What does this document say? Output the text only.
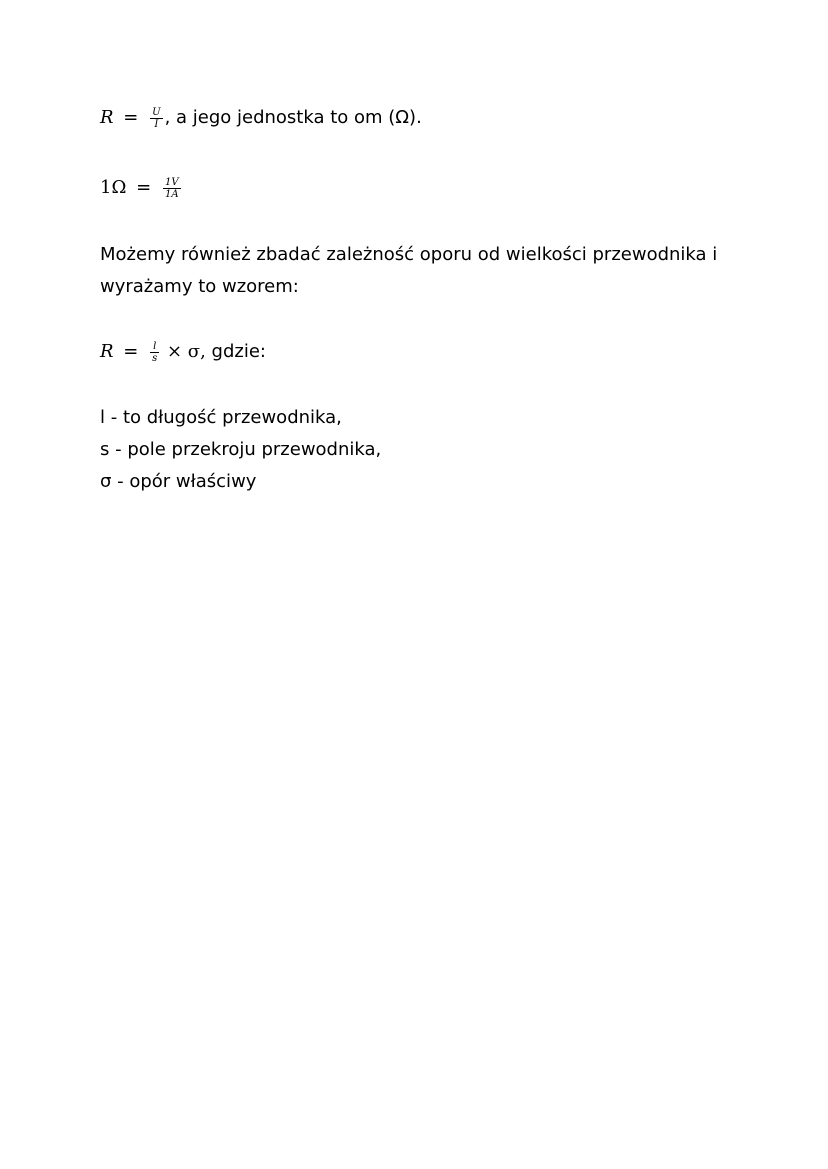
$R = \frac{U}{I}$ , a jego jednostka to om (Ω).
$1\Omega = \frac{1V}{1A}$
Możemy również zbadać zależność oporu od wielkości przewodnika i
wyrażamy to wzorem:
$R = \frac{l}{s} \times \sigma$, gdzie:
l - to długość przewodnika,
s - pole przekroju przewodnika,
σ - opór właściwy
